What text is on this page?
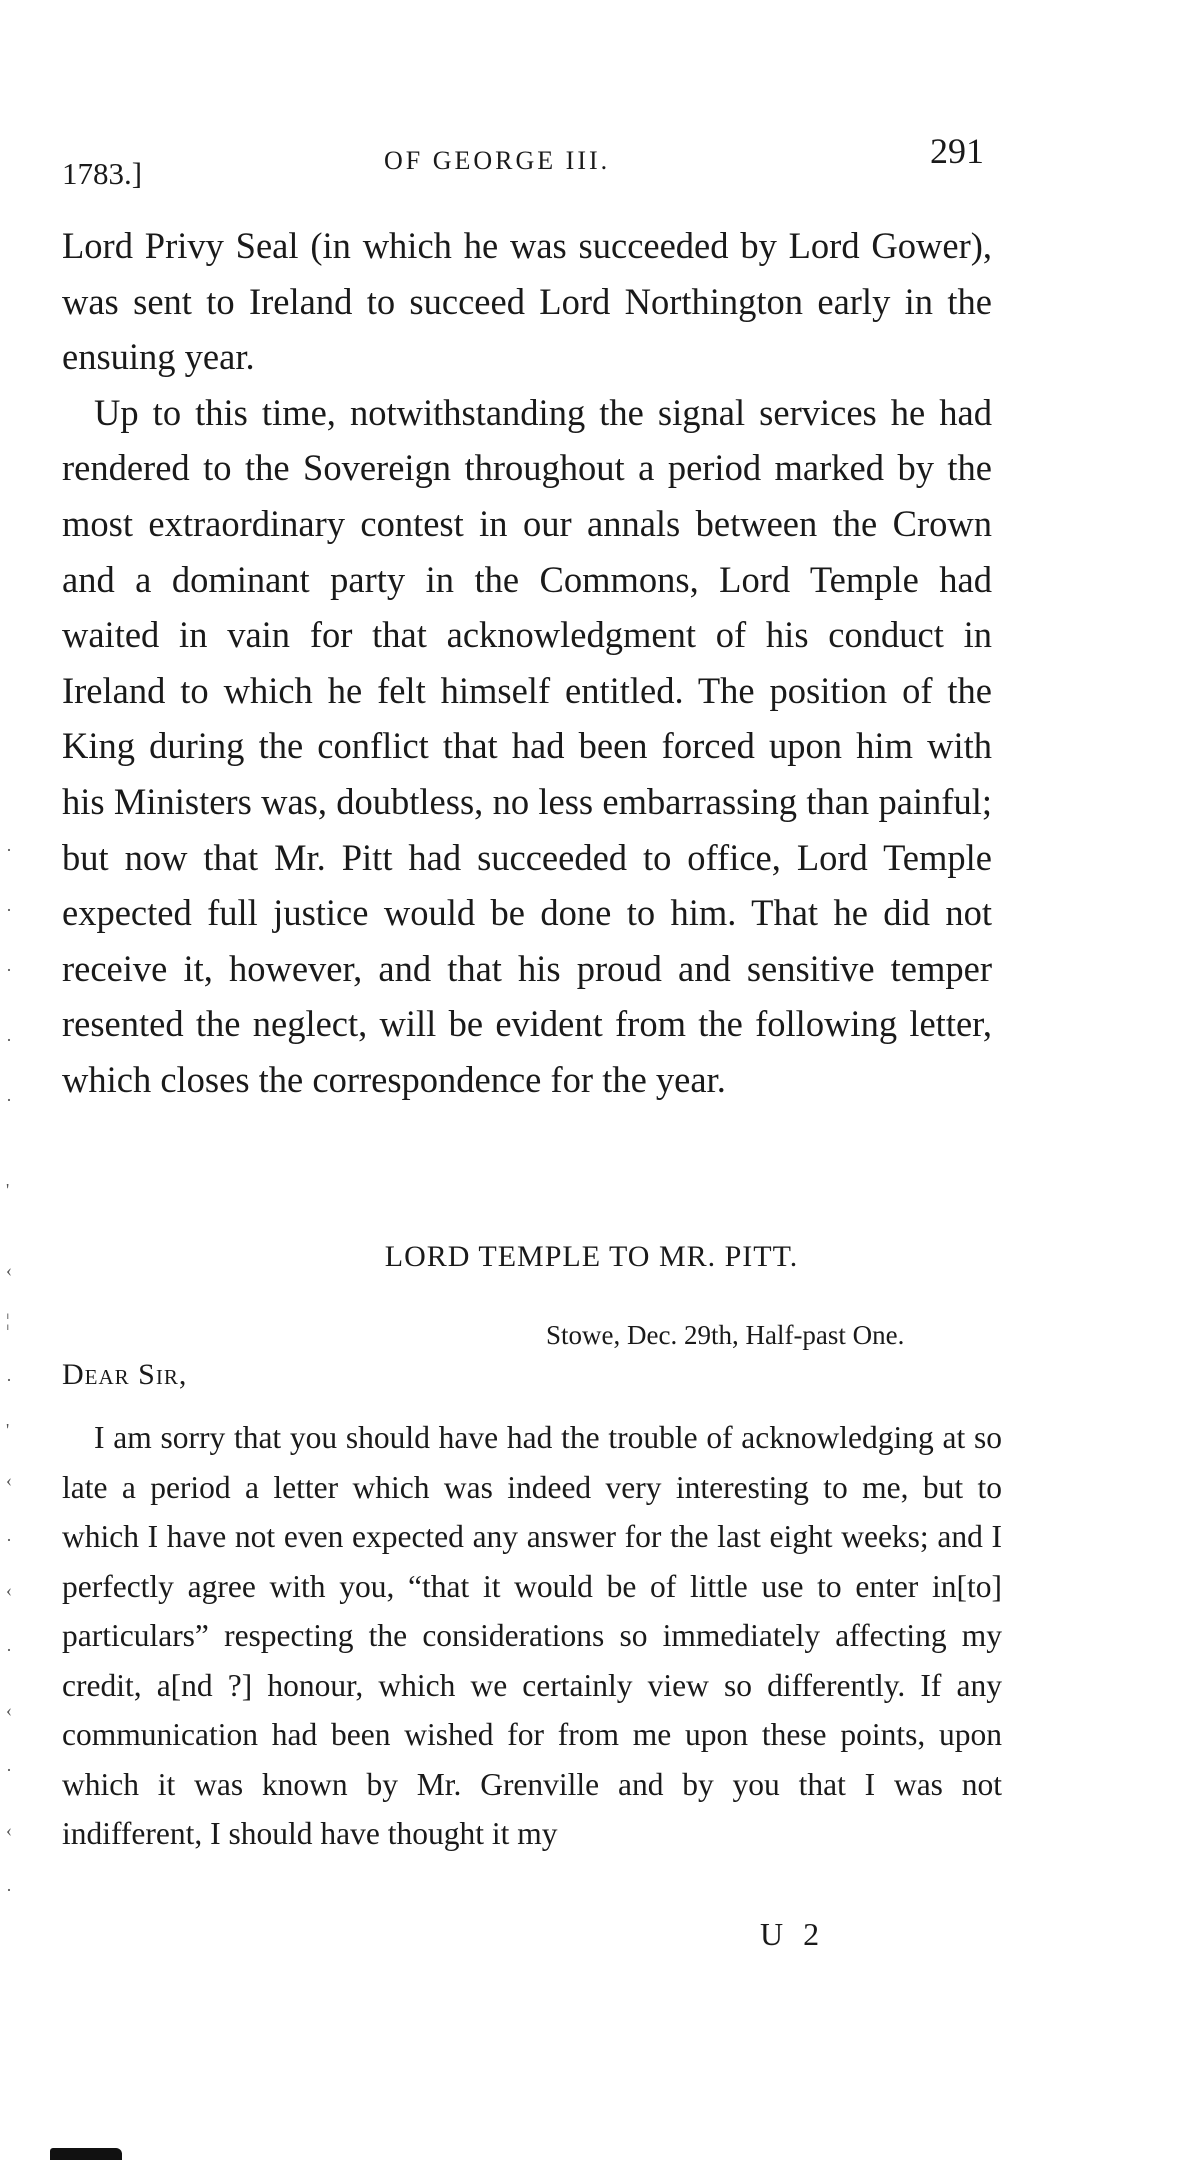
1783.]	OF GEORGE III.	291

Lord Privy Seal (in which he was succeeded by Lord Gower), was sent to Ireland to succeed Lord Northington early in the ensuing year.

Up to this time, notwithstanding the signal services he had rendered to the Sovereign throughout a period marked by the most extraordinary contest in our annals between the Crown and a dominant party in the Commons, Lord Temple had waited in vain for that acknowledgment of his conduct in Ireland to which he felt himself entitled. The position of the King during the conflict that had been forced upon him with his Ministers was, doubtless, no less embarrassing than painful; but now that Mr. Pitt had succeeded to office, Lord Temple expected full justice would be done to him. That he did not receive it, however, and that his proud and sensitive temper resented the neglect, will be evident from the following letter, which closes the correspondence for the year.

LORD TEMPLE TO MR. PITT.
Stowe, Dec. 29th, Half-past One.
Dear Sir,

I am sorry that you should have had the trouble of acknowledging at so late a period a letter which was indeed very interesting to me, but to which I have not even expected any answer for the last eight weeks; and I perfectly agree with you, “that it would be of little use to enter in[to] particulars” respecting the considerations so immediately affecting my credit, a[nd ?] honour, which we certainly view so differently. If any communication had been wished for from me upon these points, upon which it was known by Mr. Grenville and by you that I was not indifferent, I should have thought it my

U 2
·
·
·
·
·
'
‹
¦
·
'
‹
·
‹
·
‹
·
‹
·
